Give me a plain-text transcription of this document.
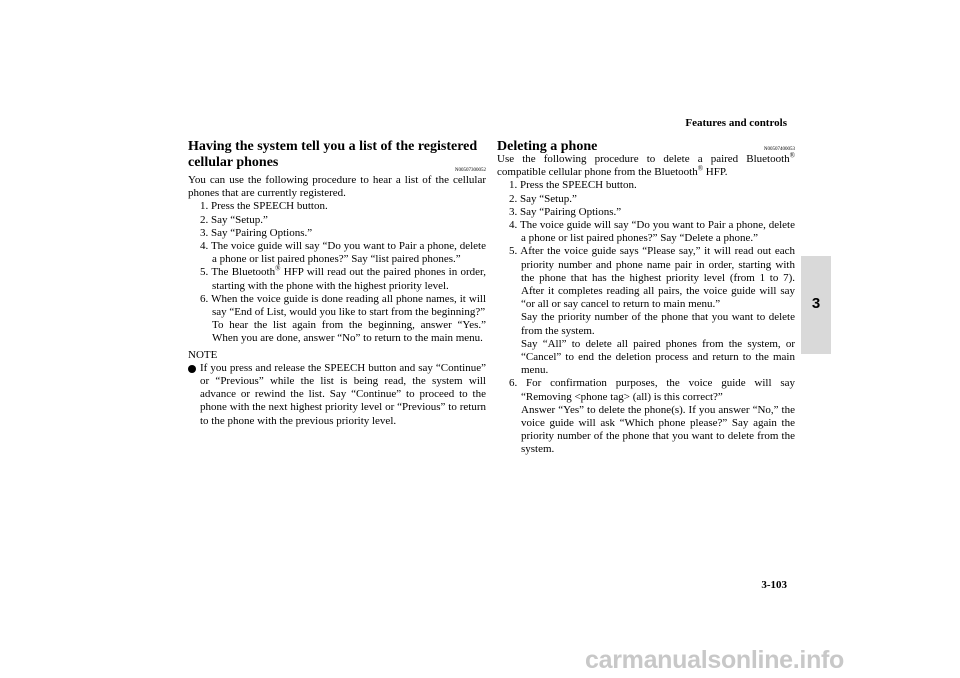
Features and controls
3
Having the system tell you a list of the registered cellular phones
N00507300052

You can use the following procedure to hear a list of the cellular phones that are currently registered.

1. Press the SPEECH button.
2. Say “Setup.”
3. Say “Pairing Options.”
4. The voice guide will say “Do you want to Pair a phone, delete a phone or list paired phones?” Say “list paired phones.”
5. The Bluetooth® HFP will read out the paired phones in order, starting with the phone with the highest priority level.
6. When the voice guide is done reading all phone names, it will say “End of List, would you like to start from the beginning?”
To hear the list again from the beginning, answer “Yes.” When you are done, answer “No” to return to the main menu.
NOTE
If you press and release the SPEECH button and say “Continue” or “Previous” while the list is being read, the system will advance or rewind the list. Say “Continue” to proceed to the phone with the next highest priority level or “Previous” to return to the phone with the previous priority level.
Deleting a phone	N00507400053

Use the following procedure to delete a paired Bluetooth® compatible cellular phone from the Bluetooth® HFP.

1. Press the SPEECH button.
2. Say “Setup.”
3. Say “Pairing Options.”
4. The voice guide will say “Do you want to Pair a phone, delete a phone or list paired phones?” Say “Delete a phone.”
5. After the voice guide says “Please say,” it will read out each priority number and phone name pair in order, starting with the phone that has the highest priority level (from 1 to 7). After it completes reading all pairs, the voice guide will say “or all or say cancel to return to main menu.”
Say the priority number of the phone that you want to delete from the system.
Say “All” to delete all paired phones from the system, or “Cancel” to end the deletion process and return to the main menu.
6. For confirmation purposes, the voice guide will say “Removing <phone tag> (all) is this correct?”
Answer “Yes” to delete the phone(s). If you answer “No,” the voice guide will ask “Which phone please?” Say again the priority number of the phone that you want to delete from the system.
3-103
carmanualsonline.info
